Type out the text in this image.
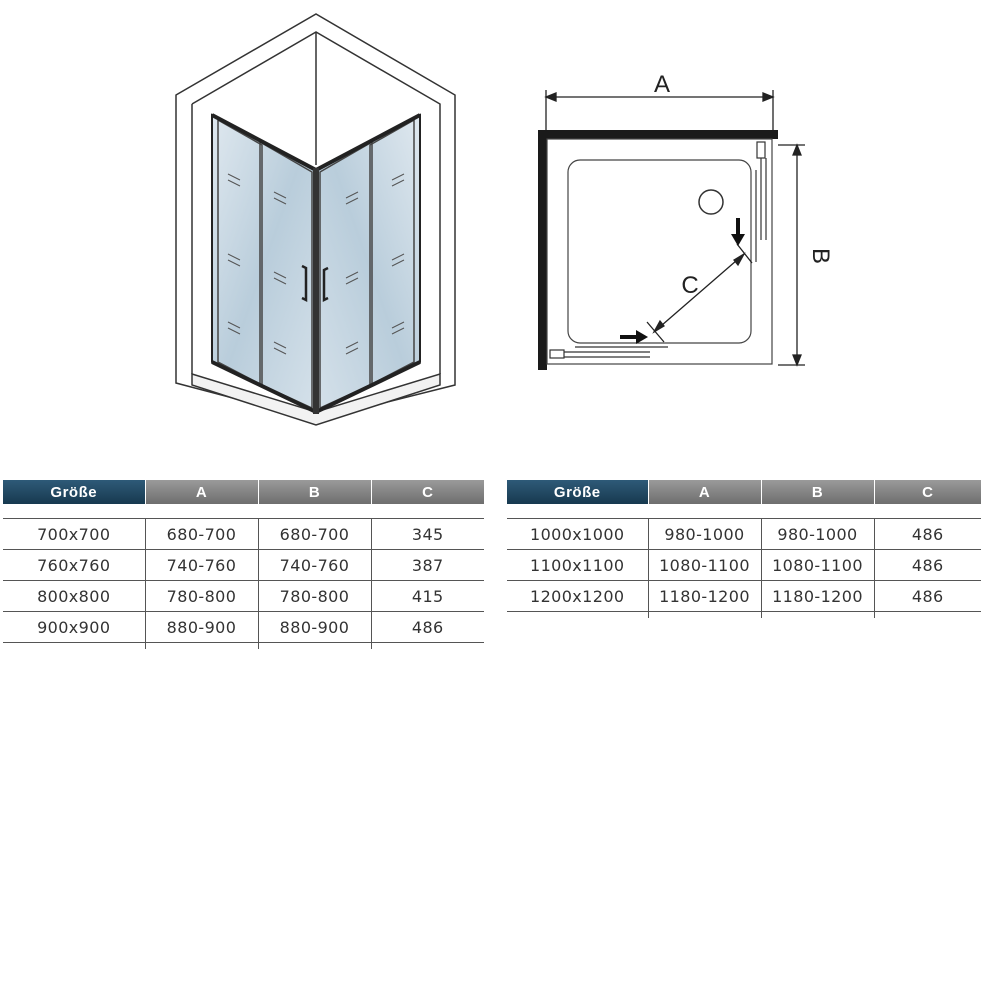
A
B
C
Größe	A	B	C

700x700	680-700	680-700	345
760x760	740-760	740-760	387
800x800	780-800	780-800	415
900x900	880-900	880-900	486

Größe	A	B	C

1000x1000	980-1000	980-1000	486
1100x1100	1080-1100	1080-1100	486
1200x1200	1180-1200	1180-1200	486
